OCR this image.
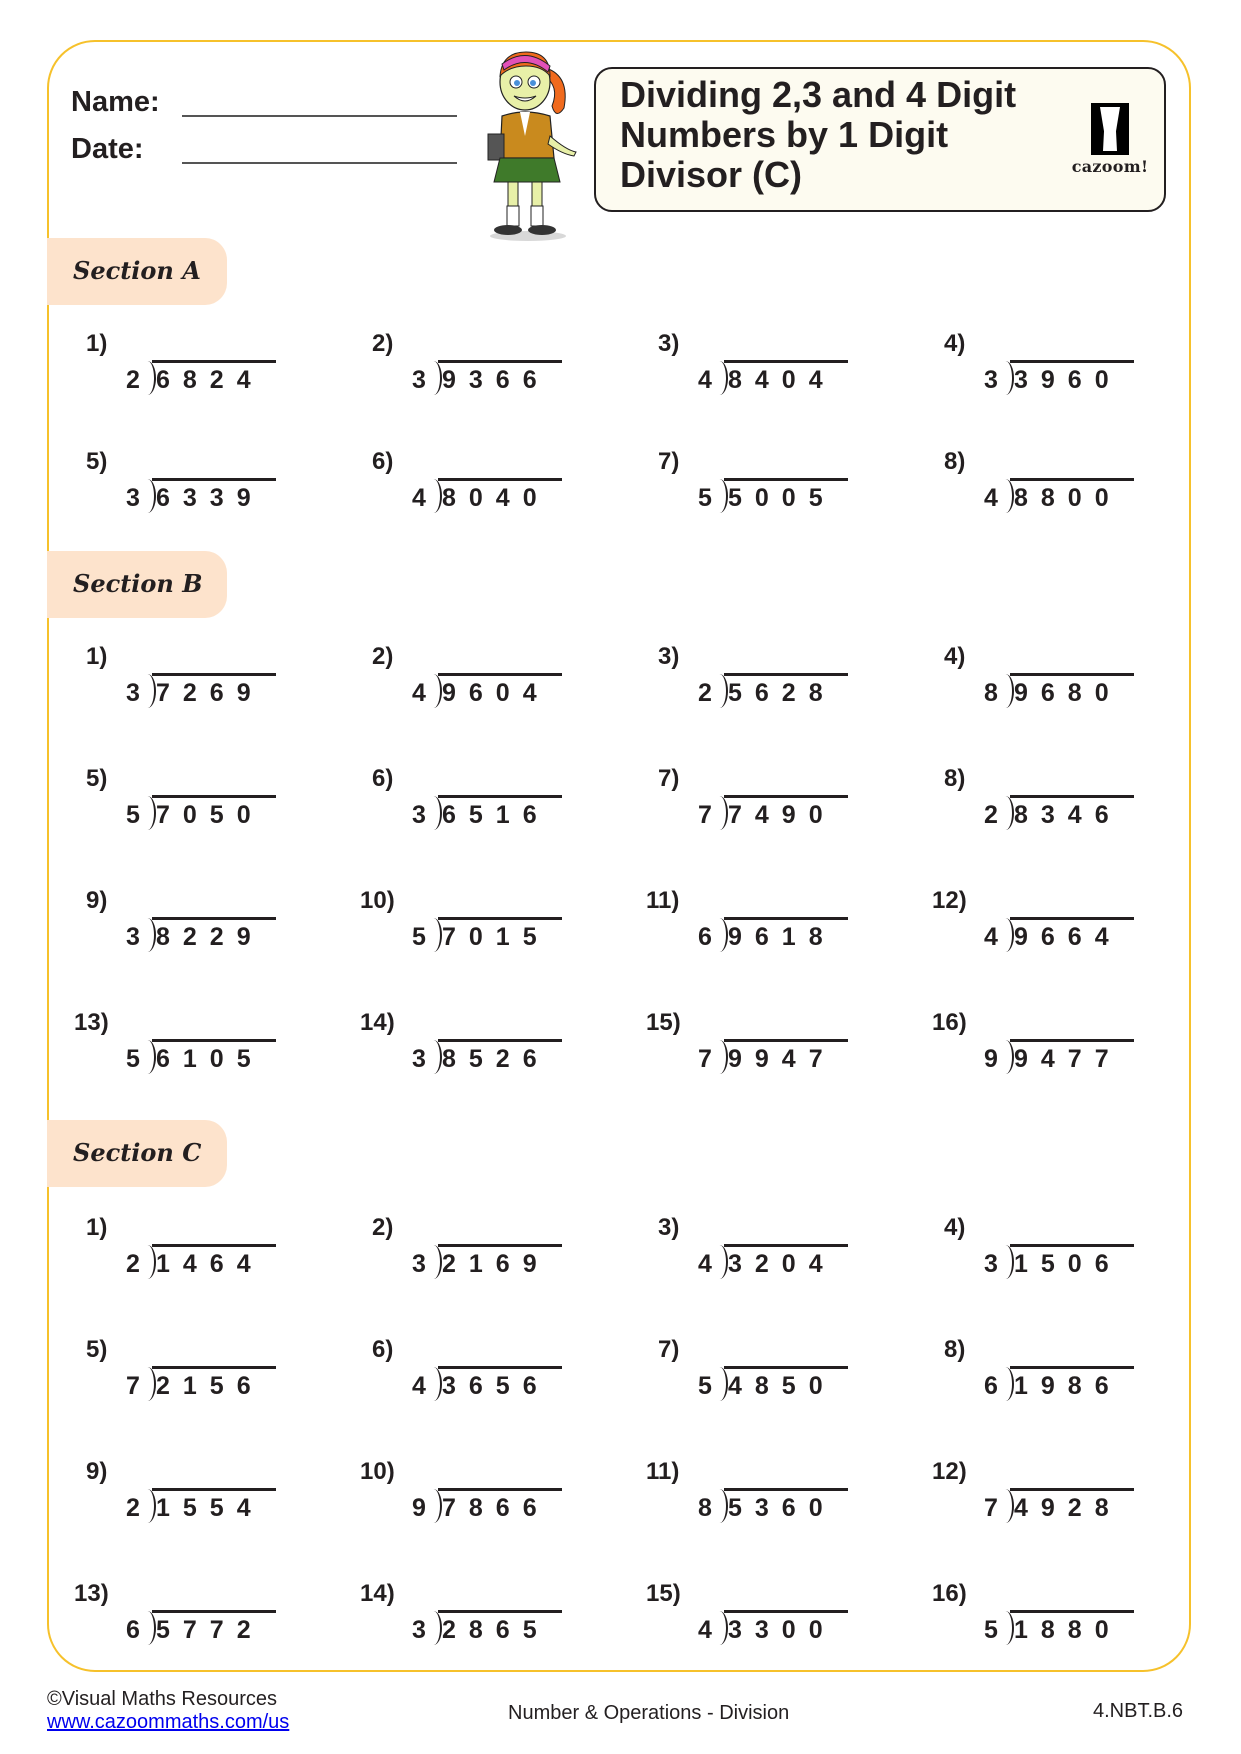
Name:
Date:
Dividing 2,3 and 4 Digit
Numbers by 1 Digit
Divisor (C)	cazoom!
Section A
1)
2 6824
2)
3 9366
3)
4 8404
4)
3 3960
5)
3 6339
6)
4 8040
7)
5 5005
8)
4 8800
Section B
1)
3 7269
2)
4 9604
3)
2 5628
4)
8 9680
5)
5 7050
6)
3 6516
7)
7 7490
8)
2 8346
9)
3 8229
10)
5 7015
11)
6 9618
12)
4 9664
13)
5 6105
14)
3 8526
15)
7 9947
16)
9 9477
Section C
1)
2 1464
2)
3 2169
3)
4 3204
4)
3 1506
5)
7 2156
6)
4 3656
7)
5 4850
8)
6 1986
9)
2 1554
10)
9 7866
11)
8 5360
12)
7 4928
13)
6 5772
14)
3 2865
15)
4 3300
16)
5 1880
©Visual Maths Resources
www.cazoommaths.com/us	Number & Operations - Division	4.NBT.B.6
